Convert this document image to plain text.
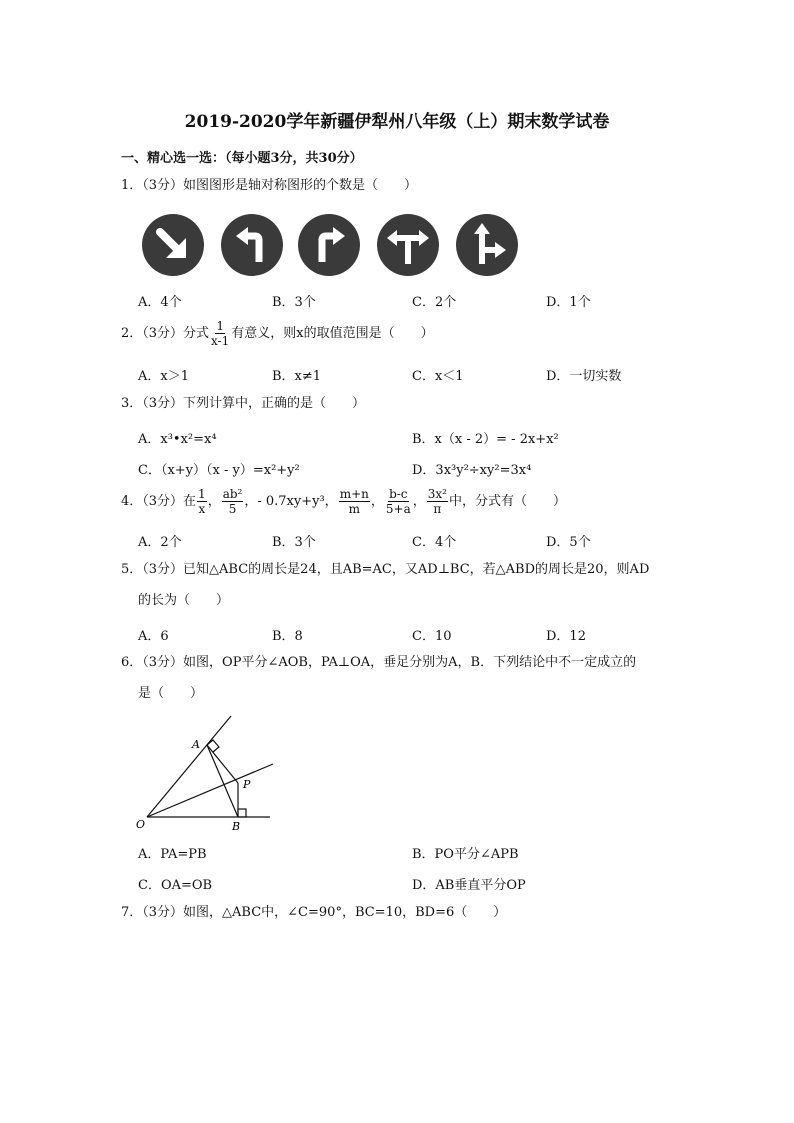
2019-2020学年新疆伊犁州八年级（上）期末数学试卷
一、精心选一选：（每小题3分，共30分）
1．（3分）如图图形是轴对称图形的个数是（　　）
A．4个	B．3个	C．2个	D．1个
2．（3分）分式 $\frac{1}{x-1}$ 有意义，则x的取值范围是（　　）
A．x＞1	B．x≠1	C．x＜1	D．一切实数
3．（3分）下列计算中，正确的是（　　）
A．x³•x²=x⁴	B．x（x - 2）= - 2x+x²
C．（x+y）（x - y）=x²+y²	D．3x³y²÷xy²=3x⁴
4．（3分）在 $\frac{1}{x}$ ， $\frac{\text{ab²}}{5}$ ，- 0.7xy+y³， $\frac{m+n}{m}$ ， $\frac{b-c}{5+a}$ ， $\frac{\text{3x²}}{\pi}$ 中，分式有（　　）
A．2个	B．3个	C．4个	D．5个
5．（3分）已知△ABC的周长是24，且AB=AC，又AD⊥BC，若△ABD的周长是20，则AD
的长为（　　）
A．6	B．8	C．10	D．12
6．（3分）如图，OP平分∠AOB，PA⊥OA，垂足分别为A，B．下列结论中不一定成立的
是（　　）
A
P
O	B
A．PA=PB	B．PO平分∠APB
C．OA=OB	D．AB垂直平分OP
7．（3分）如图，△ABC中，∠C=90°，BC=10，BD=6（　　）
